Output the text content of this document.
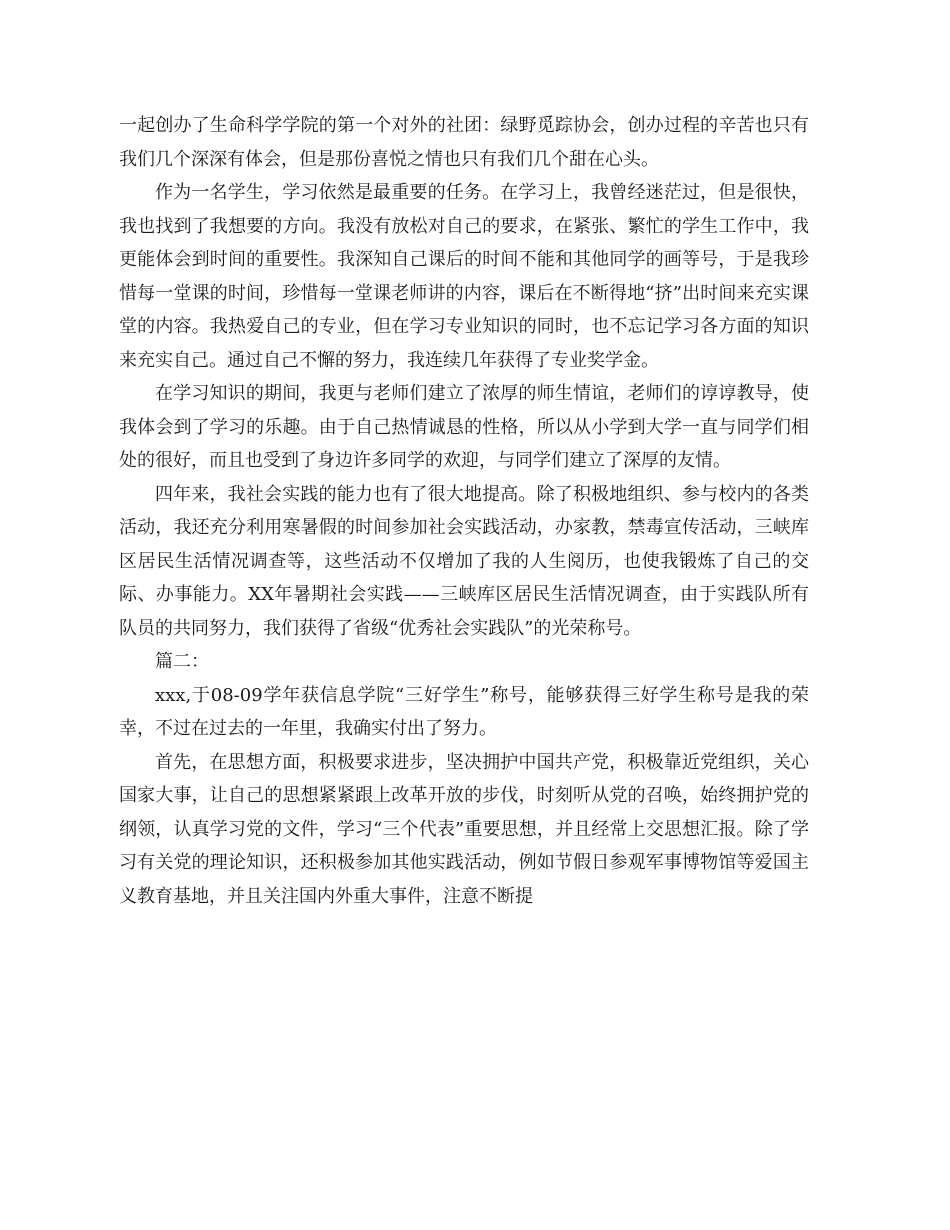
一起创办了生命科学学院的第一个对外的社团：绿野觅踪协会，创办过程的辛苦也只有我们几个深深有体会，但是那份喜悦之情也只有我们几个甜在心头。

作为一名学生，学习依然是最重要的任务。在学习上，我曾经迷茫过，但是很快，我也找到了我想要的方向。我没有放松对自己的要求，在紧张、繁忙的学生工作中，我更能体会到时间的重要性。我深知自己课后的时间不能和其他同学的画等号，于是我珍惜每一堂课的时间，珍惜每一堂课老师讲的内容，课后在不断得地“挤”出时间来充实课堂的内容。我热爱自己的专业，但在学习专业知识的同时，也不忘记学习各方面的知识来充实自己。通过自己不懈的努力，我连续几年获得了专业奖学金。

在学习知识的期间，我更与老师们建立了浓厚的师生情谊，老师们的谆谆教导，使我体会到了学习的乐趣。由于自己热情诚恳的性格，所以从小学到大学一直与同学们相处的很好，而且也受到了身边许多同学的欢迎，与同学们建立了深厚的友情。

四年来，我社会实践的能力也有了很大地提高。除了积极地组织、参与校内的各类活动，我还充分利用寒暑假的时间参加社会实践活动，办家教，禁毒宣传活动，三峡库区居民生活情况调查等，这些活动不仅增加了我的人生阅历，也使我锻炼了自己的交际、办事能力。XX年暑期社会实践——三峡库区居民生活情况调查，由于实践队所有队员的共同努力，我们获得了省级“优秀社会实践队”的光荣称号。

篇二：

xxx,于08-09学年获信息学院“三好学生”称号，能够获得三好学生称号是我的荣幸，不过在过去的一年里，我确实付出了努力。

首先，在思想方面，积极要求进步，坚决拥护中国共产党，积极靠近党组织，关心国家大事，让自己的思想紧紧跟上改革开放的步伐，时刻听从党的召唤，始终拥护党的纲领，认真学习党的文件，学习“三个代表”重要思想，并且经常上交思想汇报。除了学习有关党的理论知识，还积极参加其他实践活动，例如节假日参观军事博物馆等爱国主义教育基地，并且关注国内外重大事件，注意不断提
